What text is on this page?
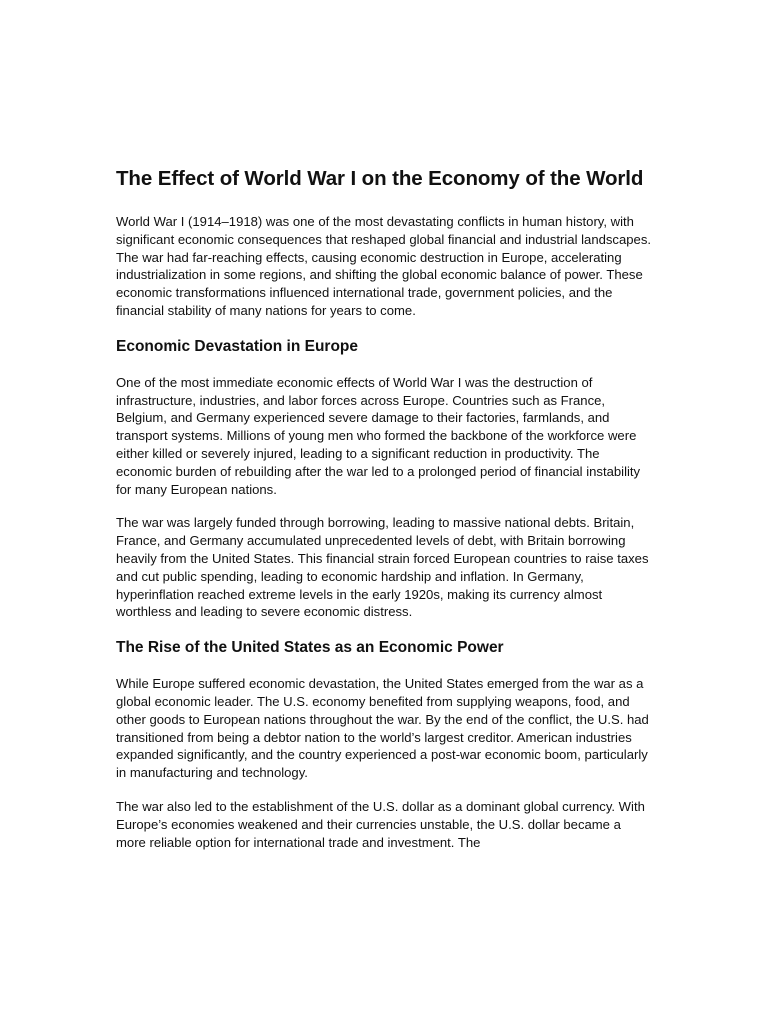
The Effect of World War I on the Economy of the World

World War I (1914–1918) was one of the most devastating conflicts in human history, with significant economic consequences that reshaped global financial and industrial landscapes. The war had far-reaching effects, causing economic destruction in Europe, accelerating industrialization in some regions, and shifting the global economic balance of power. These economic transformations influenced international trade, government policies, and the financial stability of many nations for years to come.

Economic Devastation in Europe

One of the most immediate economic effects of World War I was the destruction of infrastructure, industries, and labor forces across Europe. Countries such as France, Belgium, and Germany experienced severe damage to their factories, farmlands, and transport systems. Millions of young men who formed the backbone of the workforce were either killed or severely injured, leading to a significant reduction in productivity. The economic burden of rebuilding after the war led to a prolonged period of financial instability for many European nations.

The war was largely funded through borrowing, leading to massive national debts. Britain, France, and Germany accumulated unprecedented levels of debt, with Britain borrowing heavily from the United States. This financial strain forced European countries to raise taxes and cut public spending, leading to economic hardship and inflation. In Germany, hyperinflation reached extreme levels in the early 1920s, making its currency almost worthless and leading to severe economic distress.

The Rise of the United States as an Economic Power

While Europe suffered economic devastation, the United States emerged from the war as a global economic leader. The U.S. economy benefited from supplying weapons, food, and other goods to European nations throughout the war. By the end of the conflict, the U.S. had transitioned from being a debtor nation to the world’s largest creditor. American industries expanded significantly, and the country experienced a post-war economic boom, particularly in manufacturing and technology.

The war also led to the establishment of the U.S. dollar as a dominant global currency. With Europe’s economies weakened and their currencies unstable, the U.S. dollar became a more reliable option for international trade and investment. The
